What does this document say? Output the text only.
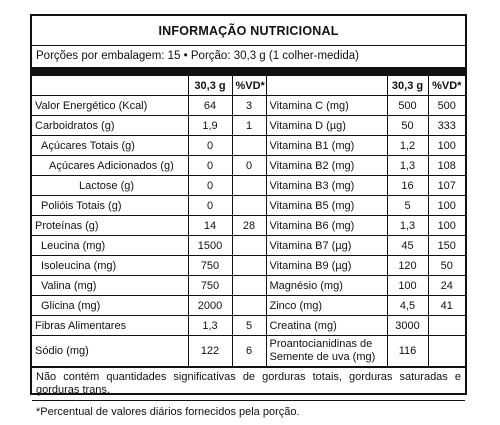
INFORMAÇÃO NUTRICIONAL
Porções por embalagem: 15 • Porção: 30,3 g (1 colher-medida)
	30,3 g	%VD*		30,3 g	%VD*
Valor Energético (Kcal)	64	3	Vitamina C (mg)	500	500
Carboidratos (g)	1,9	1	Vitamina D (µg)	50	333
Açúcares Totais (g)	0		Vitamina B1 (mg)	1,2	100
Açúcares Adicionados (g)	0	0	Vitamina B2 (mg)	1,3	108
Lactose (g)	0		Vitamina B3 (mg)	16	107
Polióis Totais (g)	0		Vitamina B5 (mg)	5	100
Proteínas (g)	14	28	Vitamina B6 (mg)	1,3	100
Leucina (mg)	1500		Vitamina B7 (µg)	45	150
Isoleucina (mg)	750		Vitamina B9 (µg)	120	50
Valina (mg)	750		Magnésio (mg)	100	24
Glicina (mg)	2000		Zinco (mg)	4,5	41
Fibras Alimentares	1,3	5	Creatina (mg)	3000	
Sódio (mg)	122	6	Proantocianidinas de Semente de uva (mg)	116	
Não contém quantidades significativas de gorduras totais, gorduras saturadas e gorduras trans.
*Percentual de valores diários fornecidos pela porção.
